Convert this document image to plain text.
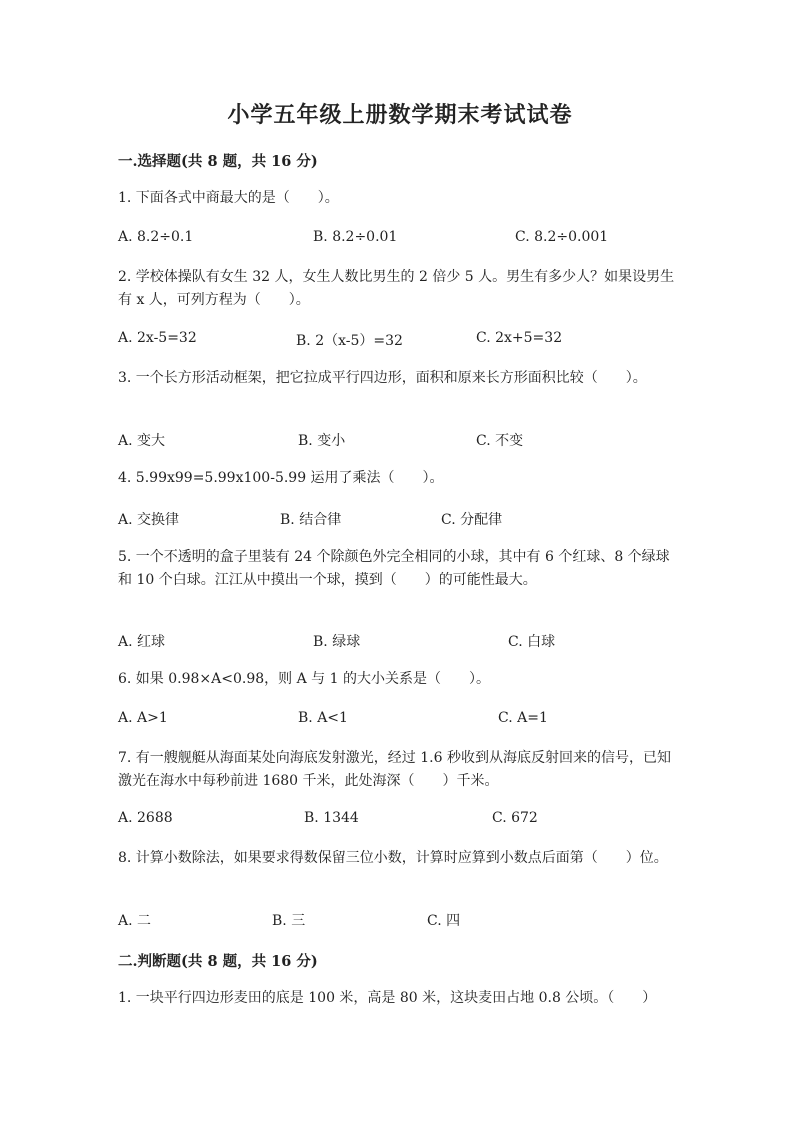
小学五年级上册数学期末考试试卷
一.选择题(共 8 题，共 16 分)
1. 下面各式中商最大的是（　　）。
A. 8.2÷0.1	B. 8.2÷0.01	C. 8.2÷0.001
2. 学校体操队有女生 32 人，女生人数比男生的 2 倍少 5 人。男生有多少人？如果设男生有 x 人，可列方程为（　　）。
A. 2x-5=32	B. 2（x-5）=32	C. 2x+5=32
3. 一个长方形活动框架，把它拉成平行四边形，面积和原来长方形面积比较（　　）。
A. 变大	B. 变小	C. 不变
4. 5.99x99=5.99x100-5.99 运用了乘法（　　）。
A. 交换律	B. 结合律	C. 分配律
5. 一个不透明的盒子里装有 24 个除颜色外完全相同的小球，其中有 6 个红球、8 个绿球和 10 个白球。江江从中摸出一个球，摸到（　　）的可能性最大。
A. 红球	B. 绿球	C. 白球
6. 如果 0.98×A<0.98，则 A 与 1 的大小关系是（　　）。
A. A>1	B. A<1	C. A=1
7. 有一艘舰艇从海面某处向海底发射激光，经过 1.6 秒收到从海底反射回来的信号，已知激光在海水中每秒前进 1680 千米，此处海深（　　）千米。
A. 2688	B. 1344	C. 672
8. 计算小数除法，如果要求得数保留三位小数，计算时应算到小数点后面第（　　）位。
A. 二	B. 三	C. 四
二.判断题(共 8 题，共 16 分)
1. 一块平行四边形麦田的底是 100 米，高是 80 米，这块麦田占地 0.8 公顷。（　　）
